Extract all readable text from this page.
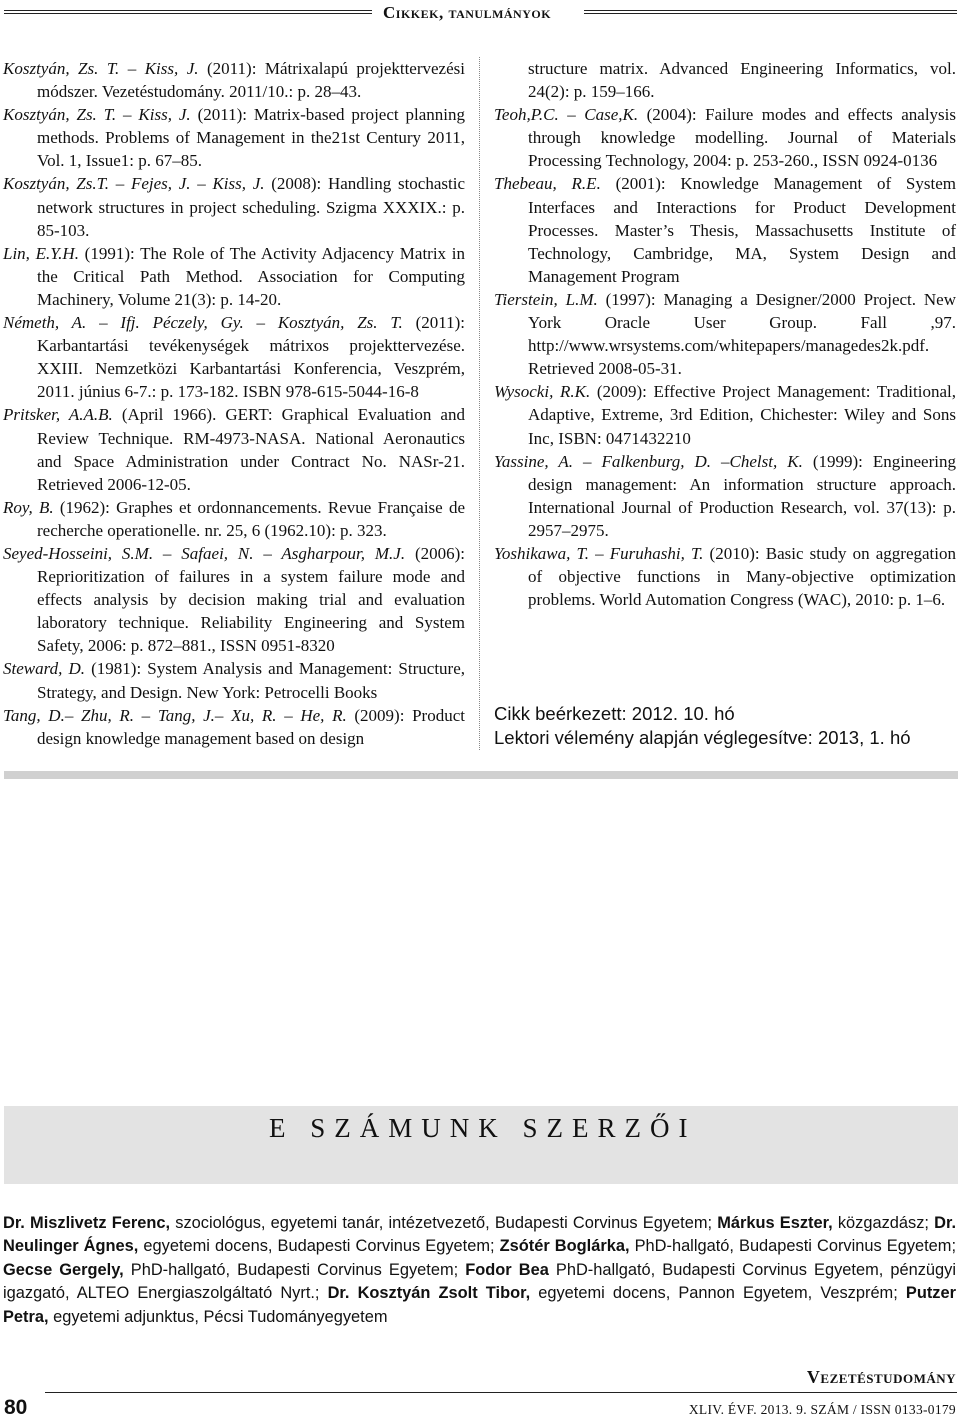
Cikkek, tanulmányok

Kosztyán, Zs. T. – Kiss, J. (2011): Mátrixalapú projekttervezési módszer. Vezetéstudomány. 2011/10.: p. 28–43.

Kosztyán, Zs. T. – Kiss, J. (2011): Matrix-based project planning methods. Problems of Management in the21st Century 2011, Vol. 1, Issue1: p. 67–85.

Kosztyán, Zs.T. – Fejes, J. – Kiss, J. (2008): Handling stochastic network structures in project scheduling. Szigma XXXIX.: p. 85-103.

Lin, E.Y.H. (1991): The Role of The Activity Adjacency Matrix in the Critical Path Method. Association for Computing Machinery, Volume 21(3): p. 14-20.

Németh, A. – Ifj. Péczely, Gy. – Kosztyán, Zs. T. (2011): Karbantartási tevékenységek mátrixos projekttervezése. XXIII. Nemzetközi Karbantartási Konferencia, Veszprém, 2011. június 6-7.: p. 173-182. ISBN 978-615-5044-16-8

Pritsker, A.A.B. (April 1966). GERT: Graphical Evaluation and Review Technique. RM-4973-NASA. National Aeronautics and Space Administration under Contract No. NASr-21. Retrieved 2006-12-05.

Roy, B. (1962): Graphes et ordonnancements. Revue Française de recherche operationelle. nr. 25, 6 (1962.10): p. 323.

Seyed-Hosseini, S.M. – Safaei, N. – Asgharpour, M.J. (2006): Reprioritization of failures in a system failure mode and effects analysis by decision making trial and evaluation laboratory technique. Reliability Engineering and System Safety, 2006: p. 872–881., ISSN 0951-8320

Steward, D. (1981): System Analysis and Management: Structure, Strategy, and Design. New York: Petrocelli Books

Tang, D.– Zhu, R. – Tang, J.– Xu, R. – He, R. (2009): Product design knowledge management based on design

structure matrix. Advanced Engineering Informatics, vol. 24(2): p. 159–166.

Teoh,P.C. – Case,K. (2004): Failure modes and effects analysis through knowledge modelling. Journal of Materials Processing Technology, 2004: p. 253-260., ISSN 0924-0136

Thebeau, R.E. (2001): Knowledge Management of System Interfaces and Interactions for Product Development Processes. Master’s Thesis, Massachusetts Institute of Technology, Cambridge, MA, System Design and Management Program

Tierstein, L.M. (1997): Managing a Designer/2000 Project. New York Oracle User Group. Fall ,97. http://www.wrsystems.com/whitepapers/managedes2k.pdf. Retrieved 2008-05-31.

Wysocki, R.K. (2009): Effective Project Management: Traditional, Adaptive, Extreme, 3rd Edition, Chichester: Wiley and Sons Inc, ISBN: 0471432210

Yassine, A. – Falkenburg, D. –Chelst, K. (1999): Engineering design management: An information structure approach. International Journal of Production Research, vol. 37(13): p. 2957–2975.

Yoshikawa, T. – Furuhashi, T. (2010): Basic study on aggregation of objective functions in Many-objective optimization problems. World Automation Congress (WAC), 2010: p. 1–6.

Cikk beérkezett: 2012. 10. hó
Lektori vélemény alapján véglegesítve: 2013, 1. hó
E SZÁMUNK SZERZŐI
Dr. Miszlivetz Ferenc, szociológus, egyetemi tanár, intézetvezető, Budapesti Corvinus Egyetem; Márkus Eszter, közgazdász; Dr. Neulinger Ágnes, egyetemi docens, Budapesti Corvinus Egyetem; Zsótér Boglárka, PhD-hallgató, Budapesti Corvinus Egyetem; Gecse Gergely, PhD-hallgató, Budapesti Corvinus Egyetem; Fodor Bea PhD-hallgató, Budapesti Corvinus Egyetem, pénzügyi igazgató, ALTEO Energiaszolgáltató Nyrt.; Dr. Kosztyán Zsolt Tibor, egyetemi docens, Pannon Egyetem, Veszprém; Putzer Petra, egyetemi adjunktus, Pécsi Tudományegyetem
Vezetéstudomány
80	XLIV. ÉVF. 2013. 9. SZÁM / ISSN 0133-0179
